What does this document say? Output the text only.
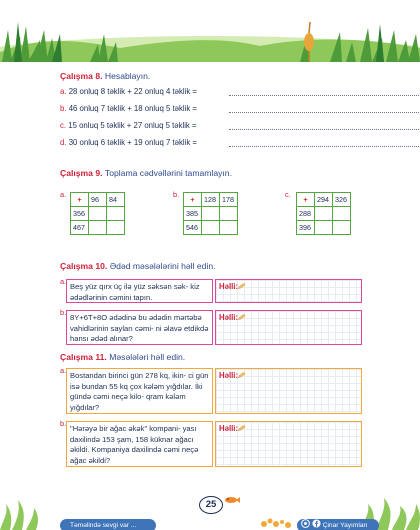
Çalışma 8. Hesablayın.
a. 28 onluq 8 təklik + 22 onluq 4 təklik =
b. 46 onluq 7 təklik + 18 onluq 5 təklik =
c. 15 onluq 5 təklik + 27 onluq 5 təklik =
d. 30 onluq 6 təklik + 19 onluq 7 təklik =
Çalışma 9. Toplama cədvəllərini tamamlayın.
a.
+	96	84
356		
467		
b.
+	128	178
385		
546		
c.
+	294	326
288		
396		
Çalışma 10. Ədəd məsələlərini həll edin.
a.
Beş yüz qırx üç ilə yüz səksən sək- kiz ədədlərinin cəmini tapın.
Həlli:
b.
8Y+6T+8O ədədinə bu ədədin mərtəbə vahidlərinin sayları cəmi- ni əlavə etdikdə hansı ədəd alınar?
Həlli:
Çalışma 11. Məsələləri həll edin.
a.
Bostandan birinci gün 278 kq, ikin- ci gün isə bundan 55 kq çox kələm yığdılar. İki gündə cəmi neçə kilo- qram kələm yığdılar?
Həlli:
b.
"Hərəyə bir ağac əkək" kompani- yası daxilində 153 şam, 158 küknar ağacı əkildi. Kompaniya daxilində cəmi neçə ağac əkildi?
Həlli:
25
Təməlində sevgi var ...	Çinar Yayımları
